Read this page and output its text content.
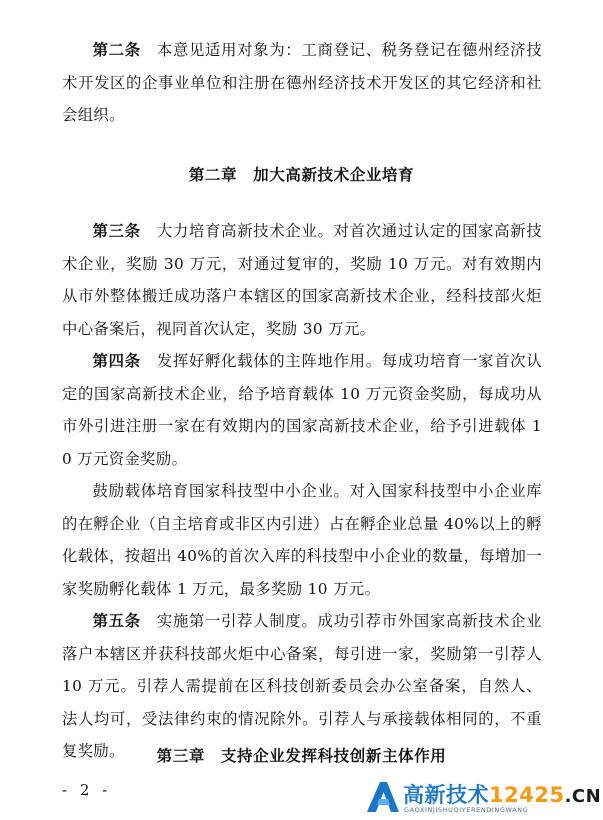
第二条　 本意见适用对象为：工商登记、税务登记在德州经济技术开发区的企事业单位和注册在德州经济技术开发区的其它经济和社会组织。

第三条　 大力培育高新技术企业。对首次通过认定的国家高新技术企业，奖励 30 万元，对通过复审的，奖励 10 万元。对有效期内从市外整体搬迁成功落户本辖区的国家高新技术企业，经科技部火炬中心备案后，视同首次认定，奖励 30 万元。

第四条　 发挥好孵化载体的主阵地作用。每成功培育一家首次认定的国家高新技术企业，给予培育载体 10 万元资金奖励，每成功从市外引进注册一家在有效期内的国家高新技术企业，给予引进载体 10 万元资金奖励。

鼓励载体培育国家科技型中小企业。对入国家科技型中小企业库的在孵企业（自主培育或非区内引进）占在孵企业总量 40%以上的孵化载体，按超出 40%的首次入库的科技型中小企业的数量，每增加一家奖励孵化载体 1 万元，最多奖励 10 万元。

第五条　 实施第一引荐人制度。成功引荐市外国家高新技术企业落户本辖区并获科技部火炬中心备案，每引进一家，奖励第一引荐人 10 万元。引荐人需提前在区科技创新委员会办公室备案，自然人、法人均可，受法律约束的情况除外。引荐人与承接载体相同的，不重复奖励。

第二章 加大高新技术企业培育
第三章 支持企业发挥科技创新主体作用
- 2 -	高新技术12425.CN
GAOXINJISHUQIYERENDINGWANG
